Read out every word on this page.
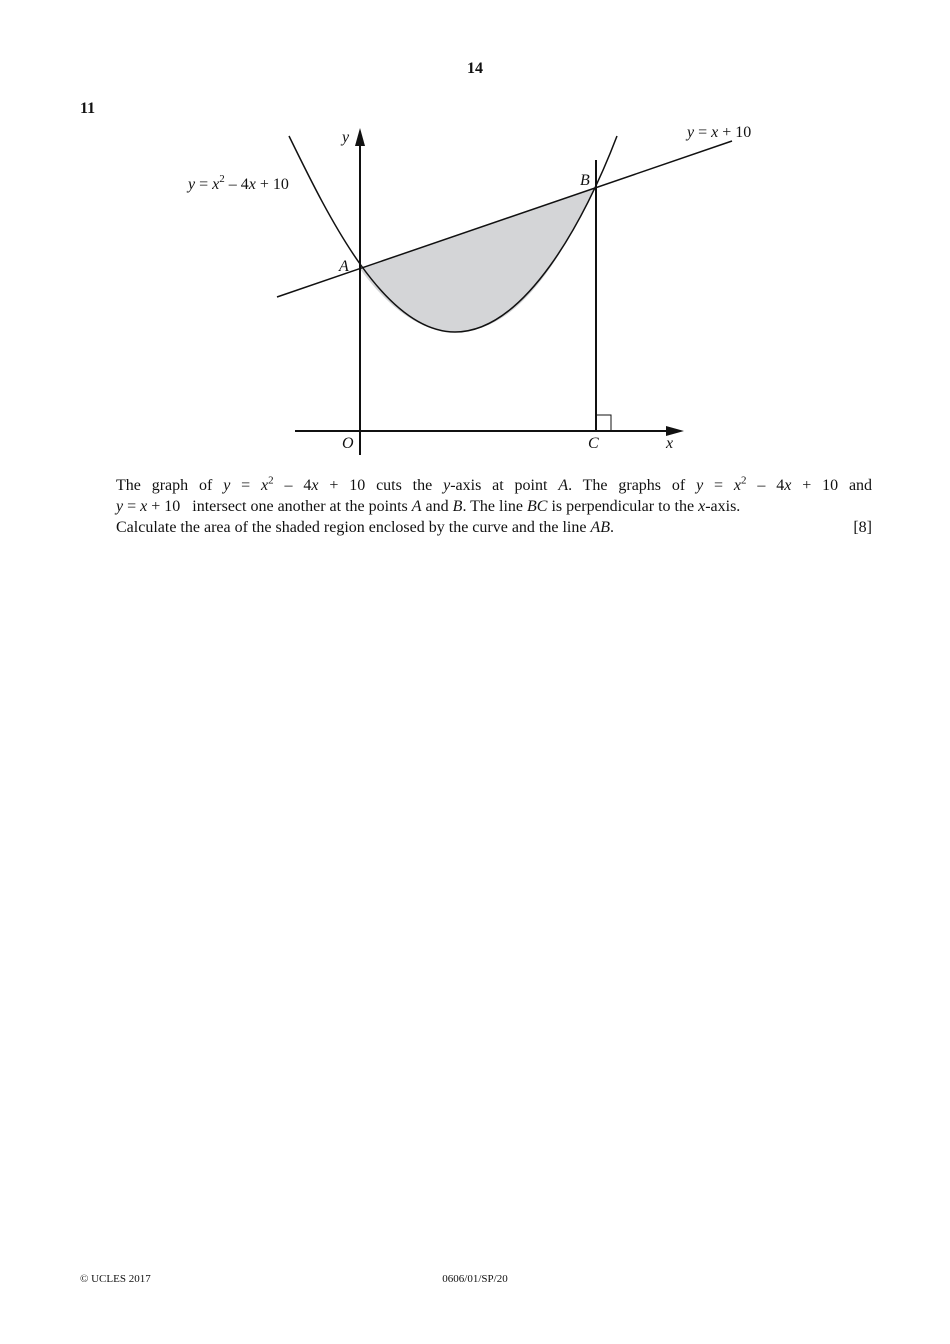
14
11
$y = x^2 - 4x + 10$
y = x + 10
y
x
A
B
C
O
The graph of $y = x^2 - 4x + 10$ cuts the y-axis at point A. The graphs of $y = x^2 - 4x + 10$ and
y = x + 10 intersect one another at the points A and B. The line BC is perpendicular to the x-axis.
Calculate the area of the shaded region enclosed by the curve and the line AB.	[8]
© UCLES 2017	0606/01/SP/20
